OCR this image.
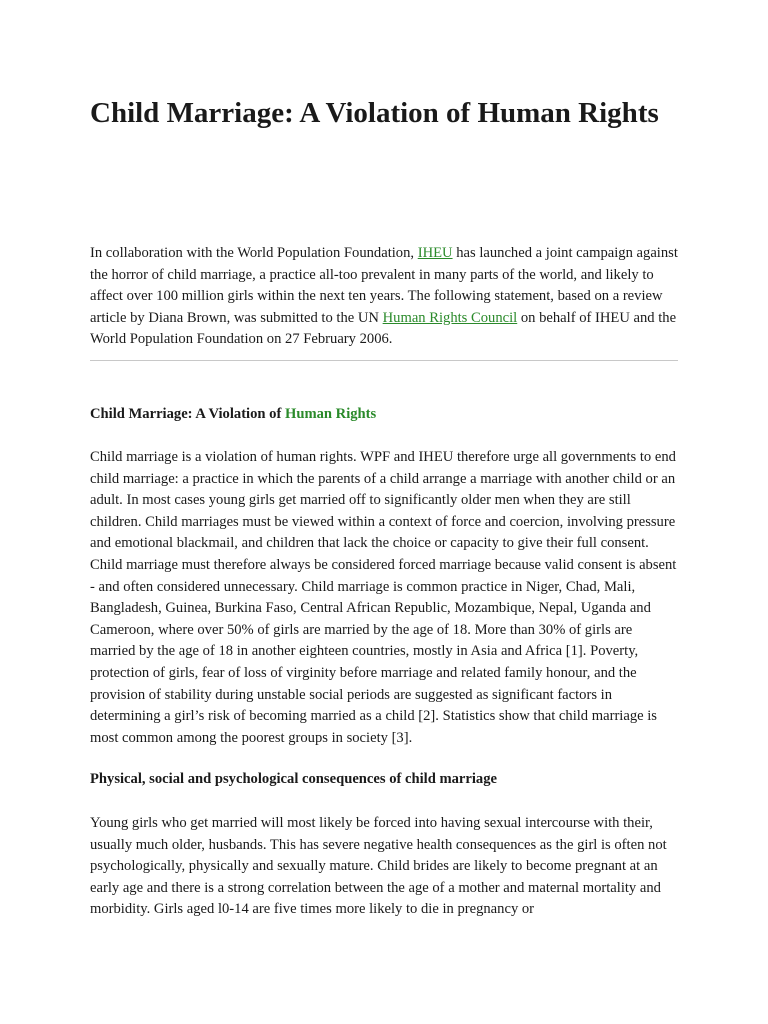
Child Marriage: A Violation of Human Rights

In collaboration with the World Population Foundation, IHEU has launched a joint campaign against the horror of child marriage, a practice all-too prevalent in many parts of the world, and likely to affect over 100 million girls within the next ten years. The following statement, based on a review article by Diana Brown, was submitted to the UN Human Rights Council on behalf of IHEU and the World Population Foundation on 27 February 2006.

Child Marriage: A Violation of Human Rights

Child marriage is a violation of human rights. WPF and IHEU therefore urge all governments to end child marriage: a practice in which the parents of a child arrange a marriage with another child or an adult. In most cases young girls get married off to significantly older men when they are still children. Child marriages must be viewed within a context of force and coercion, involving pressure and emotional blackmail, and children that lack the choice or capacity to give their full consent. Child marriage must therefore always be considered forced marriage because valid consent is absent - and often considered unnecessary. Child marriage is common practice in Niger, Chad, Mali, Bangladesh, Guinea, Burkina Faso, Central African Republic, Mozambique, Nepal, Uganda and Cameroon, where over 50% of girls are married by the age of 18. More than 30% of girls are married by the age of 18 in another eighteen countries, mostly in Asia and Africa [1]. Poverty, protection of girls, fear of loss of virginity before marriage and related family honour, and the provision of stability during unstable social periods are suggested as significant factors in determining a girl’s risk of becoming married as a child [2]. Statistics show that child marriage is most common among the poorest groups in society [3].

Physical, social and psychological consequences of child marriage

Young girls who get married will most likely be forced into having sexual intercourse with their, usually much older, husbands. This has severe negative health consequences as the girl is often not psychologically, physically and sexually mature. Child brides are likely to become pregnant at an early age and there is a strong correlation between the age of a mother and maternal mortality and morbidity. Girls aged l0-14 are five times more likely to die in pregnancy or
